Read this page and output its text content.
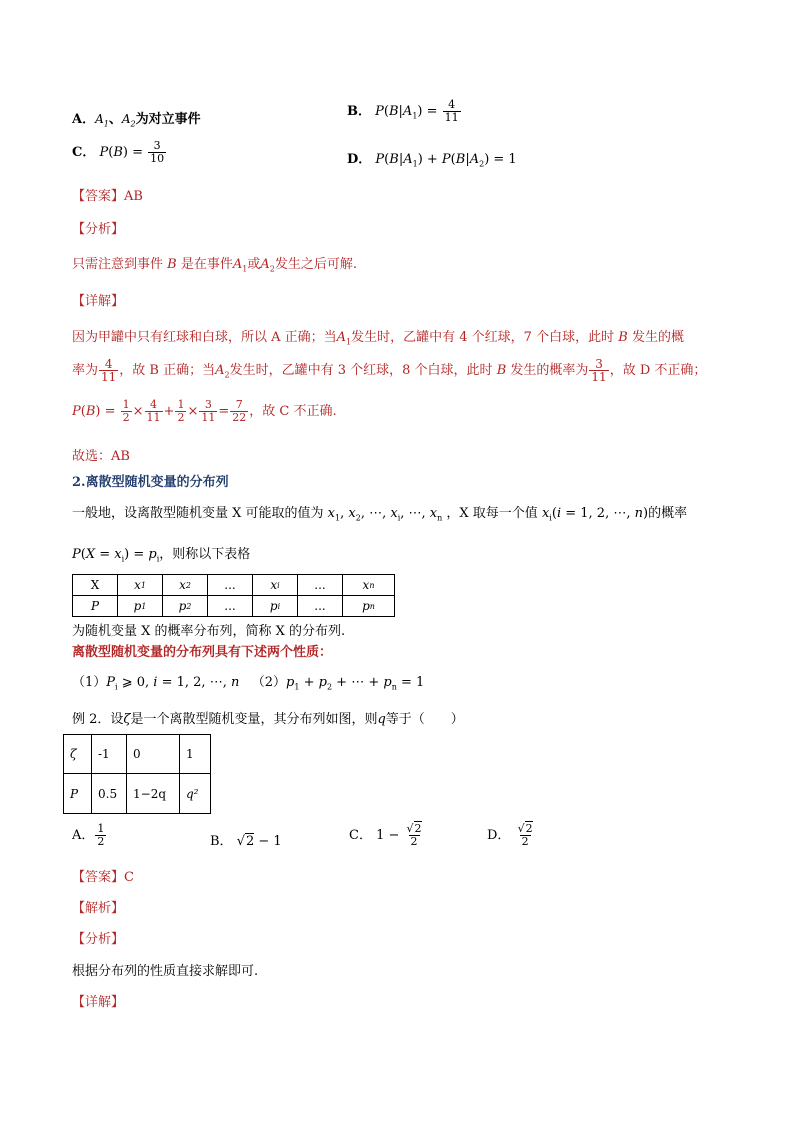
A．$A_1$、$A_2$为对立事件
B． $P(B|A_1) = \frac{4}{11}$
C． $P(B) = \frac{3}{10}$	D． $P(B|A_1) + P(B|A_2) = 1$
【答案】AB
【分析】
只需注意到事件 B 是在事件$A_1$或$A_2$发生之后可解.
【详解】
因为甲罐中只有红球和白球，所以 A 正确；当$A_1$发生时，乙罐中有 4 个红球，7 个白球，此时 B 发生的概
率为 $\frac{4}{11}$ ，故 B 正确；当$A_2$发生时，乙罐中有 3 个红球，8 个白球，此时 B 发生的概率为 $\frac{3}{11}$ ，故 D 不正确；
$P(B) = \frac{1}{2} \times \frac{4}{11} + \frac{1}{2} \times \frac{3}{11} = \frac{7}{22}$ ，故 C 不正确.
故选：AB
2.离散型随机变量的分布列
一般地，设离散型随机变量 X 可能取的值为 $x_1$, $x_2$, ⋯, $x_i$, ⋯, $x_n$ ，X 取每一个值 $x_i(i = 1$, 2, ⋯, n)的概率
$P(X = x_i) = p_i$，则称以下表格
X	x 1	x 2	...	x i	...	x n
P	p 1	p 2	...	p i	...	p n
为随机变量 X 的概率分布列，简称 X 的分布列.
离散型随机变量的分布列具有下述两个性质：
$(1)P_i$ ⩾ 0, i = 1, 2, ⋯, n $(2)p_1 + p_2$ + ⋯ + $p_n = 1$
例 2．设ζ是一个离散型随机变量，其分布列如图，则q等于（　　）
ζ	-1	0	1
P	0.5	1−2q	q²
A． $\frac{1}{2}$	B． √2 − 1	C． $1 - \frac{√2}{2}$	D． $\frac{√2}{2}$
【答案】C
【解析】
【分析】
根据分布列的性质直接求解即可.
【详解】
